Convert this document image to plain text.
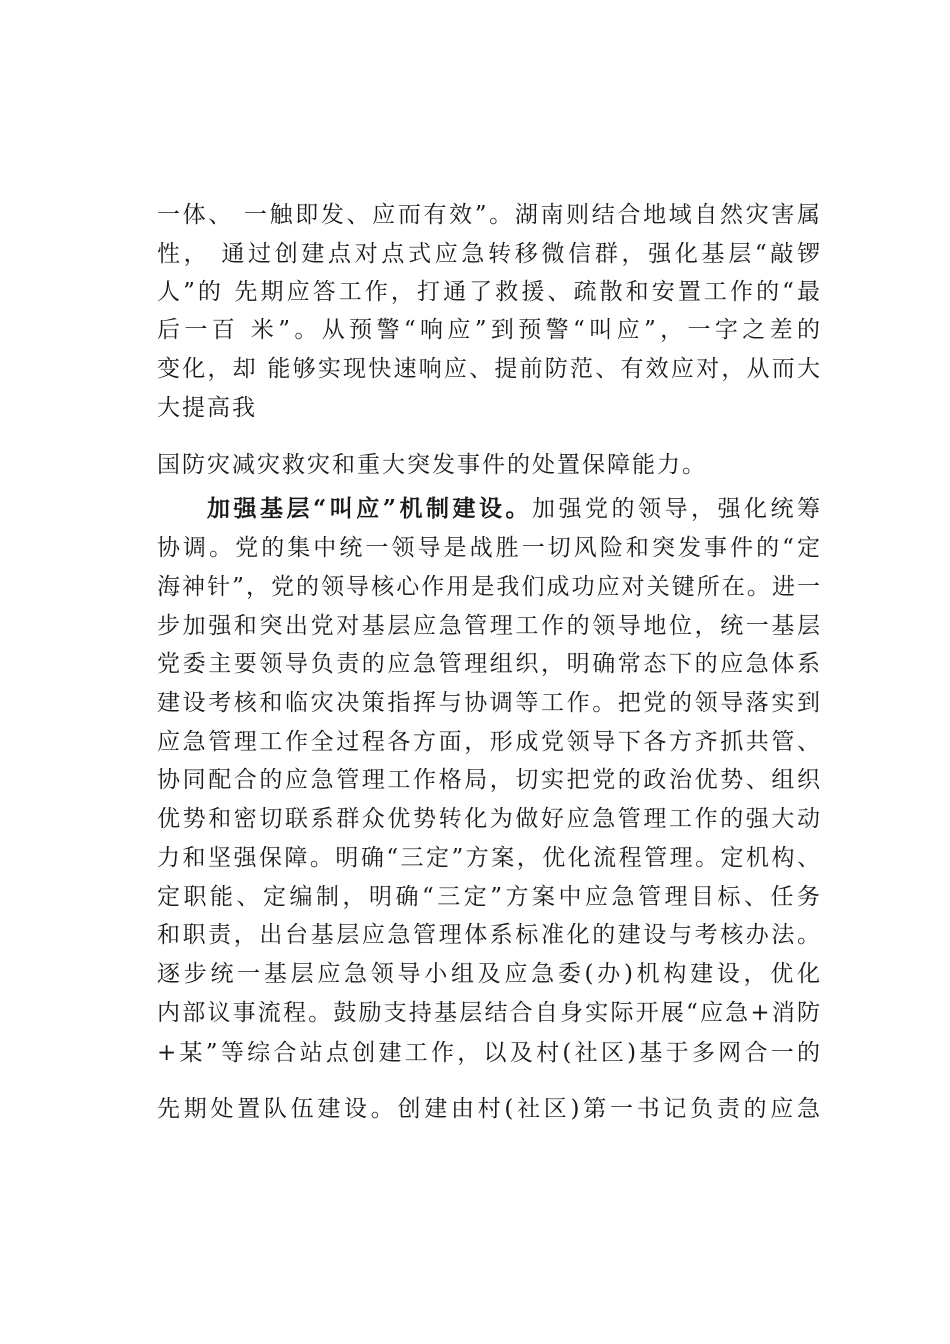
一体、 一触即发、应而有效”。湖南则结合地域自然灾害属
性， 通过创建点对点式应急转移微信群，强化基层“敲锣
人”的 先期应答工作，打通了救援、疏散和安置工作的“最
后一百 米”。从预警“响应”到预警“叫应”，一字之差的
变化，却 能够实现快速响应、提前防范、有效应对，从而大
大提高我
国防灾减灾救灾和重大突发事件的处置保障能力。
加强基层“叫应”机制建设。加强党的领导，强化统筹
协调。党的集中统一领导是战胜一切风险和突发事件的“定
海神针”，党的领导核心作用是我们成功应对关键所在。进一
步加强和突出党对基层应急管理工作的领导地位，统一基层
党委主要领导负责的应急管理组织，明确常态下的应急体系
建设考核和临灾决策指挥与协调等工作。把党的领导落实到
应急管理工作全过程各方面，形成党领导下各方齐抓共管、
协同配合的应急管理工作格局，切实把党的政治优势、组织
优势和密切联系群众优势转化为做好应急管理工作的强大动
力和坚强保障。明确“三定”方案，优化流程管理。定机构、
定职能、定编制，明确“三定”方案中应急管理目标、任务
和职责，出台基层应急管理体系标准化的建设与考核办法。
逐步统一基层应急领导小组及应急委(办)机构建设，优化
内部议事流程。鼓励支持基层结合自身实际开展“应急+消防
+某”等综合站点创建工作，以及村(社区)基于多网合一的
先期处置队伍建设。创建由村(社区)第一书记负责的应急
